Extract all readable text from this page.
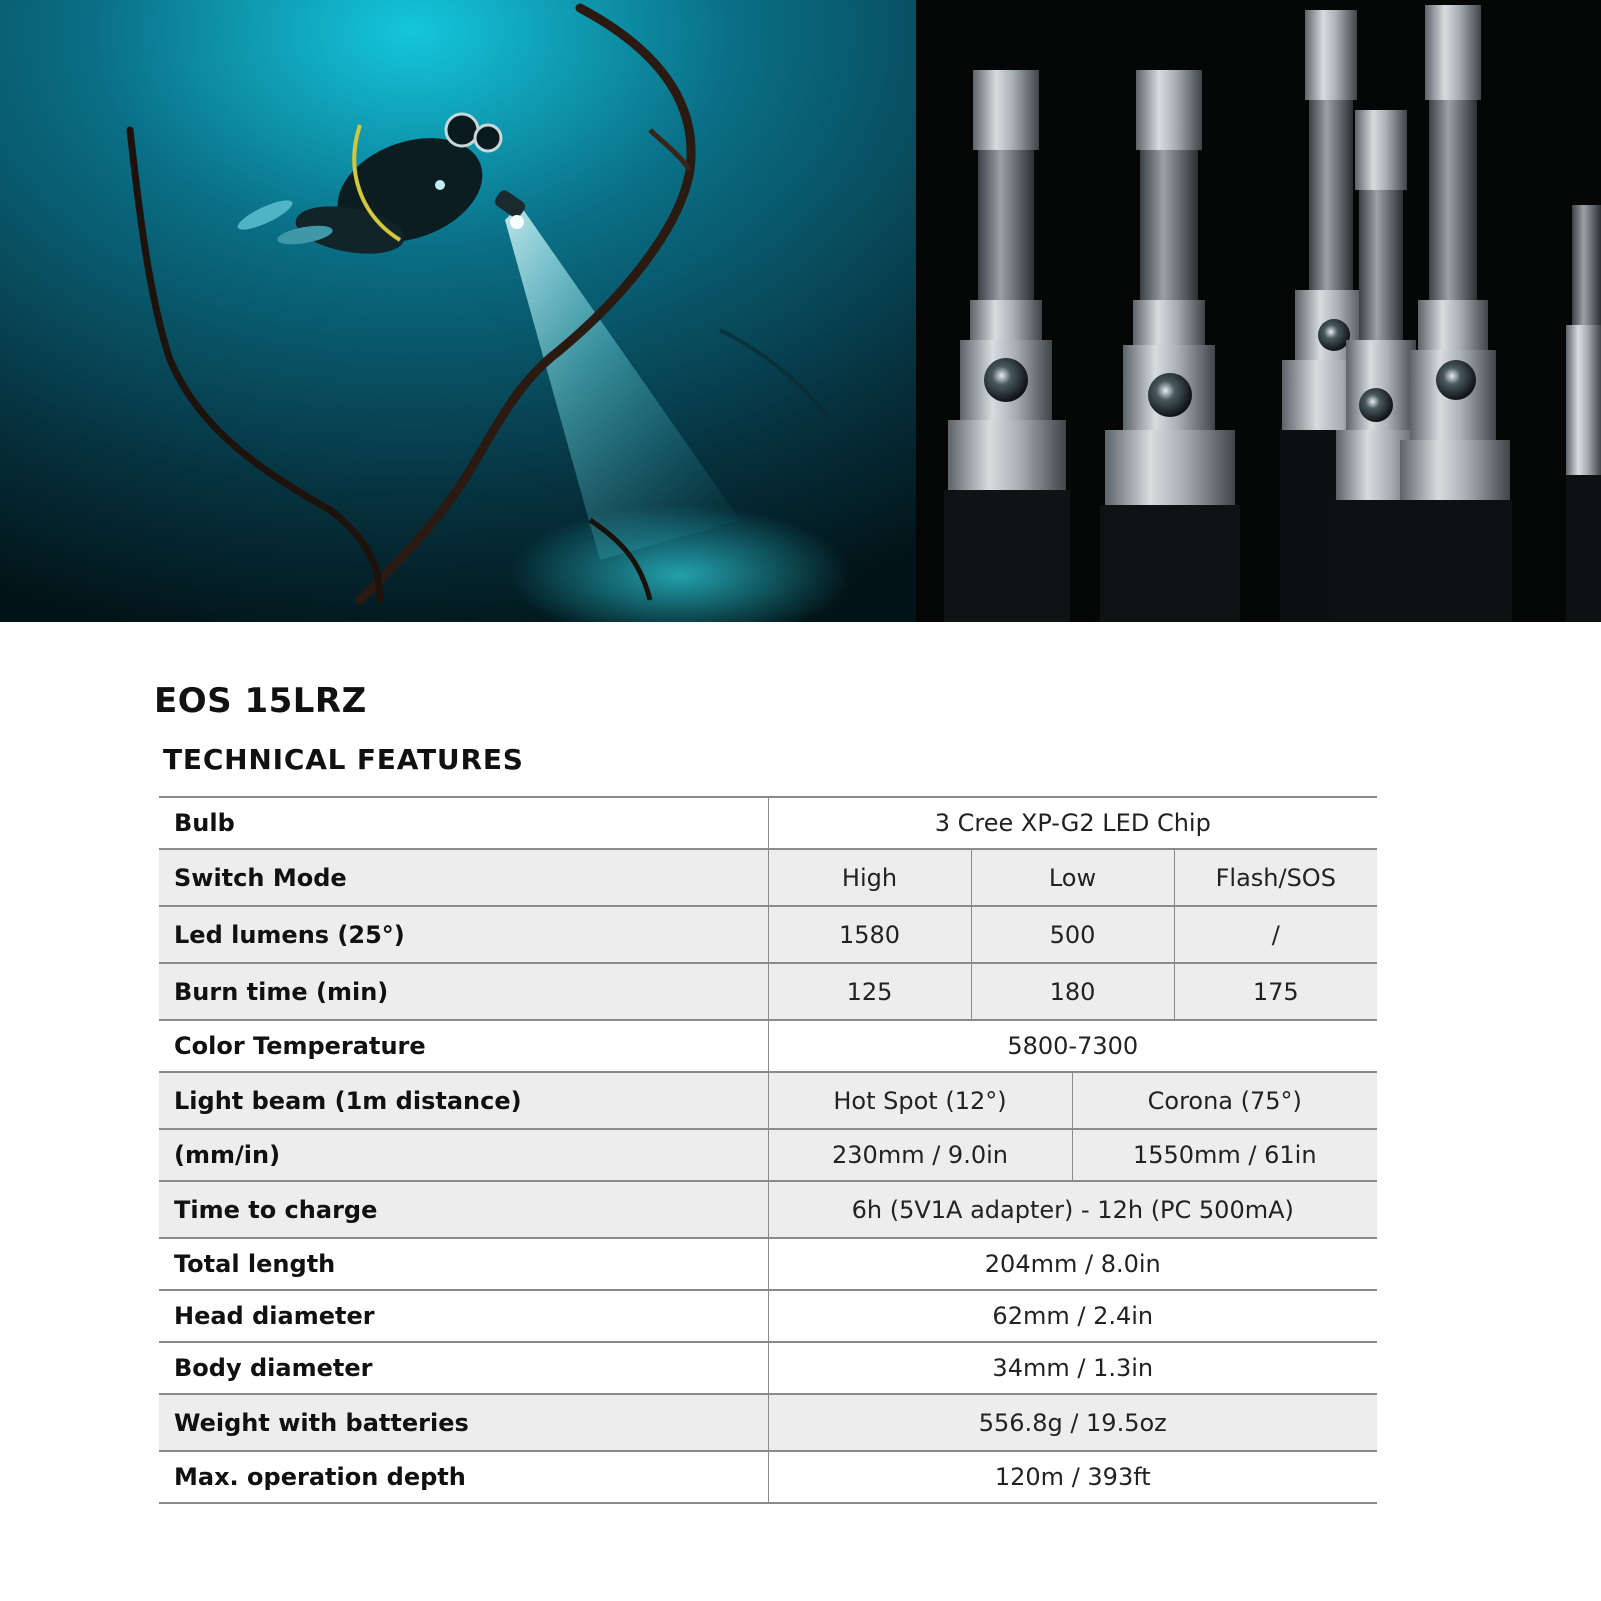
EOS 15LRZ
TECHNICAL FEATURES
Bulb	3 Cree XP-G2 LED Chip			
Switch Mode	High	Low		Flash/SOS
Led lumens (25°)	1580	500		/
Burn time (min)	125	180		175
Color Temperature	5800-7300			
Light beam (1m distance)	Hot Spot (12°)		Corona (75°)	
(mm/in)	230mm / 9.0in		1550mm / 61in	
Time to charge	6h (5V1A adapter) - 12h (PC 500mA)			
Total length	204mm / 8.0in			
Head diameter	62mm / 2.4in			
Body diameter	34mm / 1.3in			
Weight with batteries	556.8g / 19.5oz			
Max. operation depth	120m / 393ft			
